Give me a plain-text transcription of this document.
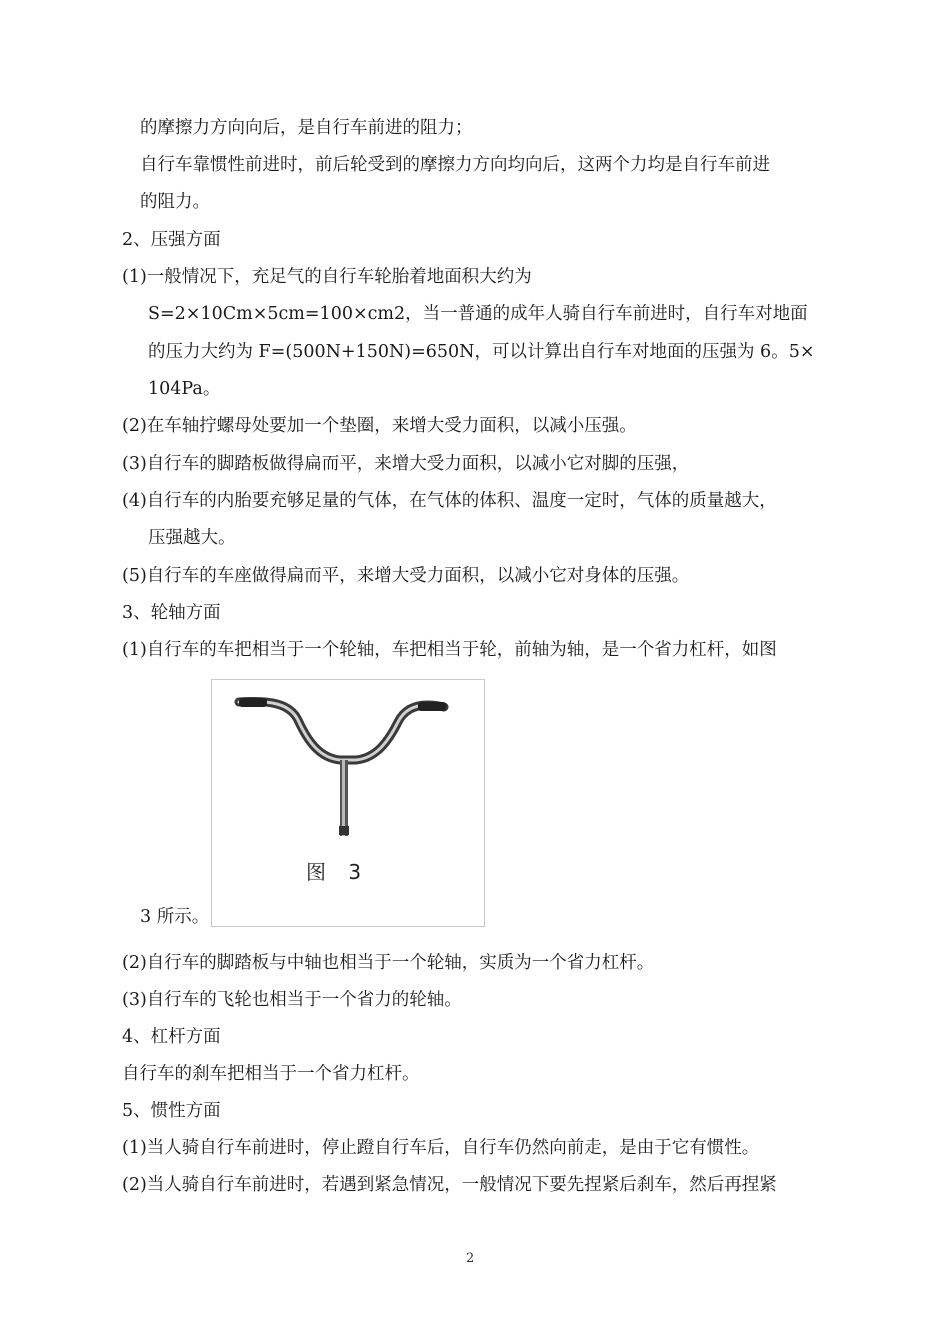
的摩擦力方向向后，是自行车前进的阻力；
自行车靠惯性前进时，前后轮受到的摩擦力方向均向后，这两个力均是自行车前进
的阻力。
2、压强方面
(1)一般情况下，充足气的自行车轮胎着地面积大约为
S=2×10Cm×5cm=100×cm2，当一普通的成年人骑自行车前进时，自行车对地面
的压力大约为 F=(500N+150N)=650N，可以计算出自行车对地面的压强为 6。5×
104Pa。
(2)在车轴拧螺母处要加一个垫圈，来增大受力面积，以减小压强。
(3)自行车的脚踏板做得扁而平，来增大受力面积，以减小它对脚的压强，
(4)自行车的内胎要充够足量的气体，在气体的体积、温度一定时，气体的质量越大，
压强越大。
(5)自行车的车座做得扁而平，来增大受力面积，以减小它对身体的压强。
3、轮轴方面
(1)自行车的车把相当于一个轮轴，车把相当于轮，前轴为轴，是一个省力杠杆，如图
图 3
3 所示。
(2)自行车的脚踏板与中轴也相当于一个轮轴，实质为一个省力杠杆。
(3)自行车的飞轮也相当于一个省力的轮轴。
4、杠杆方面
自行车的刹车把相当于一个省力杠杆。
5、惯性方面
(1)当人骑自行车前进时，停止蹬自行车后，自行车仍然向前走，是由于它有惯性。
(2)当人骑自行车前进时，若遇到紧急情况，一般情况下要先捏紧后刹车，然后再捏紧
2
